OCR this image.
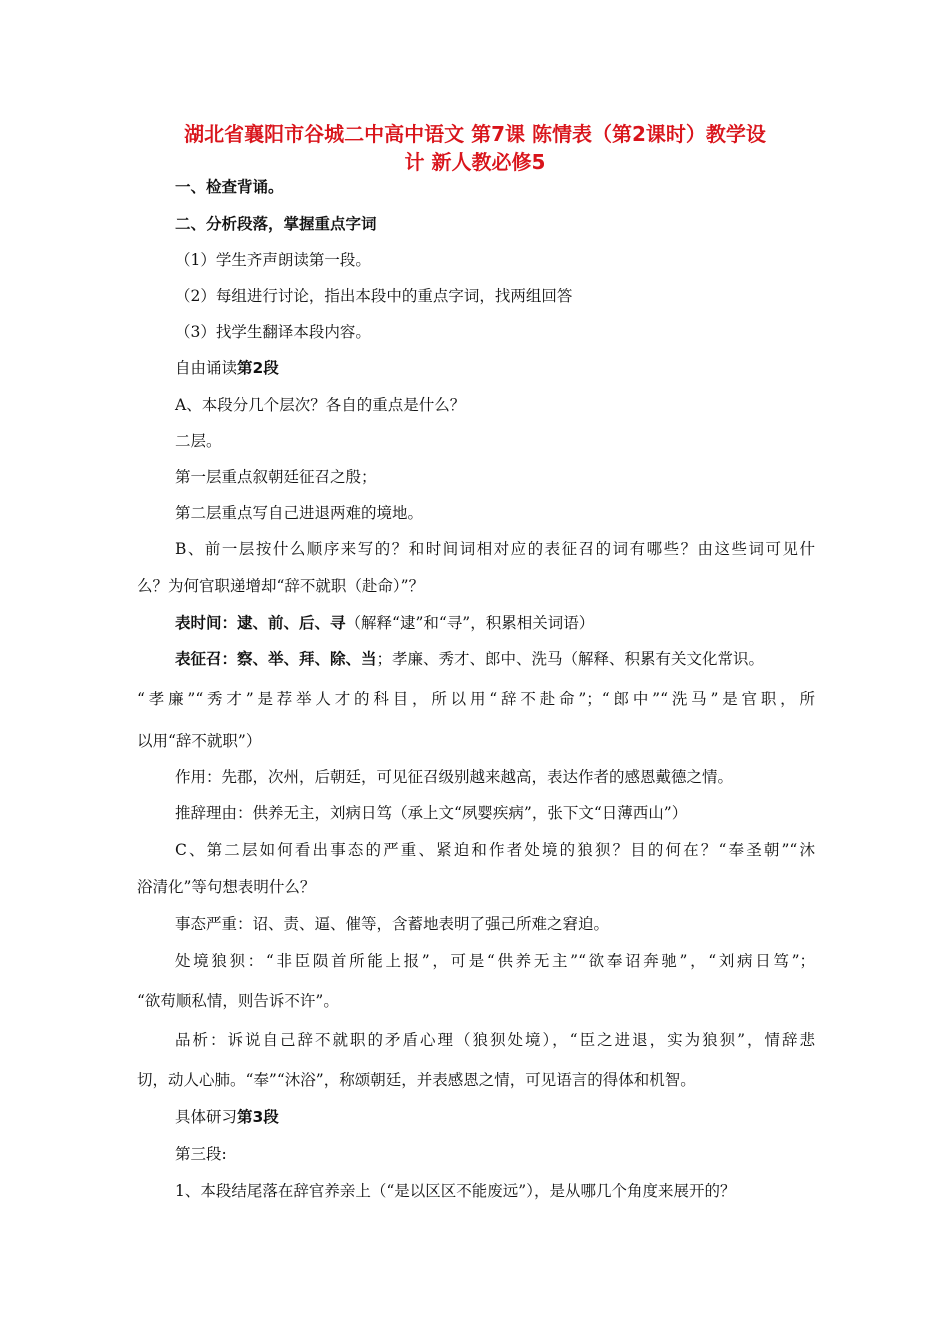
湖北省襄阳市谷城二中高中语文 第7课 陈情表（第2课时）教学设
计 新人教必修5
一、检查背诵。
二、分析段落，掌握重点字词
（1）学生齐声朗读第一段。
（2）每组进行讨论，指出本段中的重点字词，找两组回答
（3）找学生翻译本段内容。
自由诵读第2段
A、本段分几个层次？各自的重点是什么？
二层。
第一层重点叙朝廷征召之殷；
第二层重点写自己进退两难的境地。
B、前一层按什么顺序来写的？和时间词相对应的表征召的词有哪些？由这些词可见什
么？为何官职递增却“辞不就职（赴命）”？
表时间：逮、前、后、寻（解释“逮”和“寻”，积累相关词语）
表征召：察、举、拜、除、当；孝廉、秀才、郎中、洗马（解释、积累有关文化常识。
“孝廉”“秀才”是荐举人才的科目，所以用“辞不赴命”；“郎中”“洗马”是官职，所
以用“辞不就职”）
作用：先郡，次州，后朝廷，可见征召级别越来越高，表达作者的感恩戴德之情。
推辞理由：供养无主，刘病日笃（承上文“夙婴疾病”，张下文“日薄西山”）
C、第二层如何看出事态的严重、紧迫和作者处境的狼狈？目的何在？“奉圣朝”“沐
浴清化”等句想表明什么？
事态严重：诏、责、逼、催等，含蓄地表明了强己所难之窘迫。
处境狼狈：“非臣陨首所能上报”，可是“供养无主”“欲奉诏奔驰”，“刘病日笃”；
“欲苟顺私情，则告诉不许”。
品析：诉说自己辞不就职的矛盾心理（狼狈处境），“臣之进退，实为狼狈”，情辞悲
切，动人心肺。“奉”“沐浴”，称颂朝廷，并表感恩之情，可见语言的得体和机智。
具体研习第3段
第三段:
1、本段结尾落在辞官养亲上（“是以区区不能废远”），是从哪几个角度来展开的？
